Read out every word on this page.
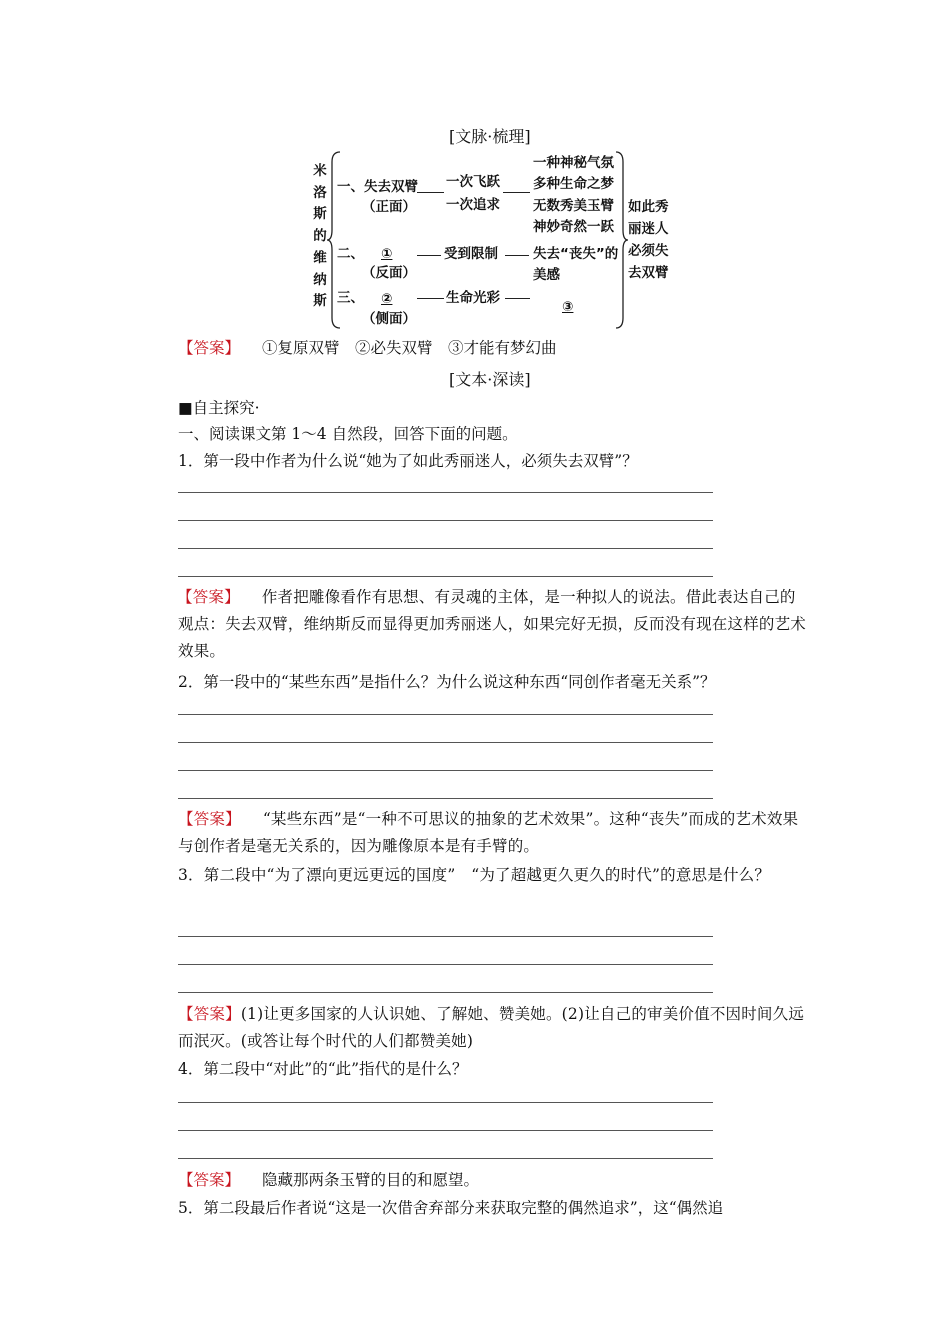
[文脉·梳理]
米
洛
斯
的
维
纳
斯
一、失去双臂
（正面）
一次飞跃
一次追求
一种神秘气氛
多种生命之梦
无数秀美玉臂
神妙奇然一跃
二、 ①
（反面）
受到限制	失去“丧失”的
美感
三、 ②
（侧面）
生命光彩
③
如此秀
丽迷人
必须失
去双臂
【答案】 ①复原双臂　②必失双臂　③才能有梦幻曲
[文本·深读]
■自主探究·
一、阅读课文第 1～4 自然段，回答下面的问题。
1．第一段中作者为什么说“她为了如此秀丽迷人，必须失去双臂”？
【答案】 作者把雕像看作有思想、有灵魂的主体，是一种拟人的说法。借此表达自己的观点：失去双臂，维纳斯反而显得更加秀丽迷人，如果完好无损，反而没有现在这样的艺术效果。
2．第一段中的“某些东西”是指什么？为什么说这种东西“同创作者毫无关系”？
【答案】 “某些东西”是“一种不可思议的抽象的艺术效果”。这种“丧失”而成的艺术效果与创作者是毫无关系的，因为雕像原本是有手臂的。
3．第二段中“为了漂向更远更远的国度”　“为了超越更久更久的时代”的意思是什么？
【答案】(1)让更多国家的人认识她、了解她、赞美她。(2)让自己的审美价值不因时间久远而泯灭。(或答让每个时代的人们都赞美她)
4．第二段中“对此”的“此”指代的是什么？
【答案】 隐藏那两条玉臂的目的和愿望。
5．第二段最后作者说“这是一次借舍弃部分来获取完整的偶然追求”，这“偶然追
